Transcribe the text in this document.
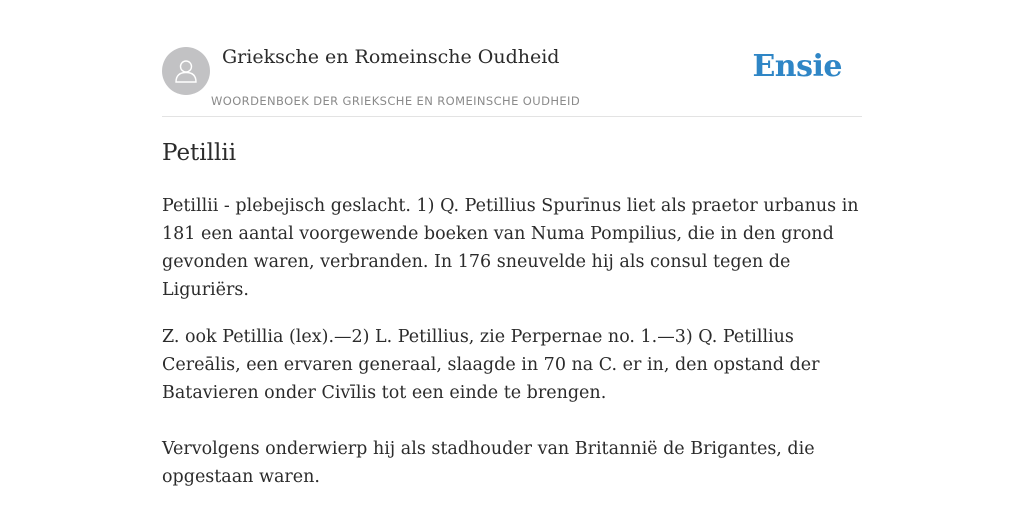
Grieksche en Romeinsche Oudheid
WOORDENBOEK DER GRIEKSCHE EN ROMEINSCHE OUDHEID
Ensie
Petillii

Petillii - plebejisch geslacht. 1) Q. Petillius Spurīnus liet als praetor urbanus in 181 een aantal voorgewende boeken van Numa Pompilius, die in den grond gevonden waren, verbranden. In 176 sneuvelde hij als consul tegen de Liguriërs.

Z. ook Petillia (lex).—2) L. Petillius, zie Perpernae no. 1.—3) Q. Petillius Cereālis, een ervaren generaal, slaagde in 70 na C. er in, den opstand der Batavieren onder Civīlis tot een einde te brengen.

Vervolgens onderwierp hij als stadhouder van Britannië de Brigantes, die opgestaan waren.
